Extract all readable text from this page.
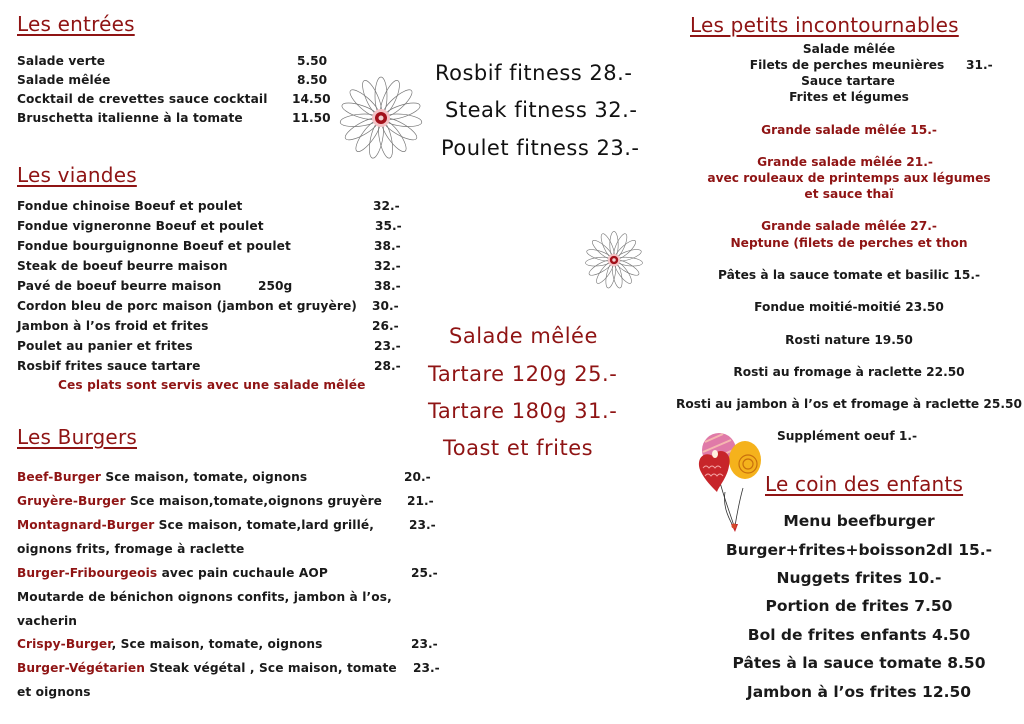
Les entrées
Salade verte	5.50
Salade mêlée	8.50
Cocktail de crevettes sauce cocktail 14.50
Bruschetta italienne à la tomate	11.50
Les viandes
Fondue chinoise Boeuf et poulet	32.-
Fondue vigneronne Boeuf et poulet	35.-
Fondue bourguignonne Boeuf et poulet	38.-
Steak de boeuf beurre maison	32.-
Pavé de boeuf beurre maison	250g	38.-
Cordon bleu de porc maison (jambon et gruyère) 30.-
Jambon à l’os froid et frites	26.-
Poulet au panier et frites	23.-
Rosbif frites sauce tartare	28.-
Ces plats sont servis avec une salade mêlée
Les Burgers
Beef-Burger Sce maison, tomate, oignons	20.-
Gruyère-Burger Sce maison,tomate,oignons gruyère 21.-
Montagnard-Burger Sce maison, tomate,lard grillé,	23.-
oignons frits, fromage à raclette
Burger-Fribourgeois avec pain cuchaule AOP	25.-
Moutarde de bénichon oignons confits, jambon à l’os,
vacherin
Crispy-Burger, Sce maison, tomate, oignons	23.-
Burger-Végétarien Steak végétal , Sce maison, tomate 23.-
et oignons
Rosbif fitness 28.-
Steak fitness 32.-
Poulet fitness 23.-
Salade mêlée
Tartare 120g 25.-
Tartare 180g 31.-
Toast et frites
Les petits incontournables
Salade mêlée
Filets de perches meunières 31.-
Sauce tartare
Frites et légumes
Grande salade mêlée 15.-
Grande salade mêlée 21.-
avec rouleaux de printemps aux légumes
et sauce thaï
Grande salade mêlée 27.-
Neptune (filets de perches et thon
Pâtes à la sauce tomate et basilic 15.-
Fondue moitié-moitié 23.50
Rosti nature 19.50
Rosti au fromage à raclette 22.50
Rosti au jambon à l’os et fromage à raclette 25.50
Supplément oeuf 1.-
Le coin des enfants
Menu beefburger
Burger+frites+boisson2dl 15.-
Nuggets frites 10.-
Portion de frites 7.50
Bol de frites enfants 4.50
Pâtes à la sauce tomate 8.50
Jambon à l’os frites 12.50
